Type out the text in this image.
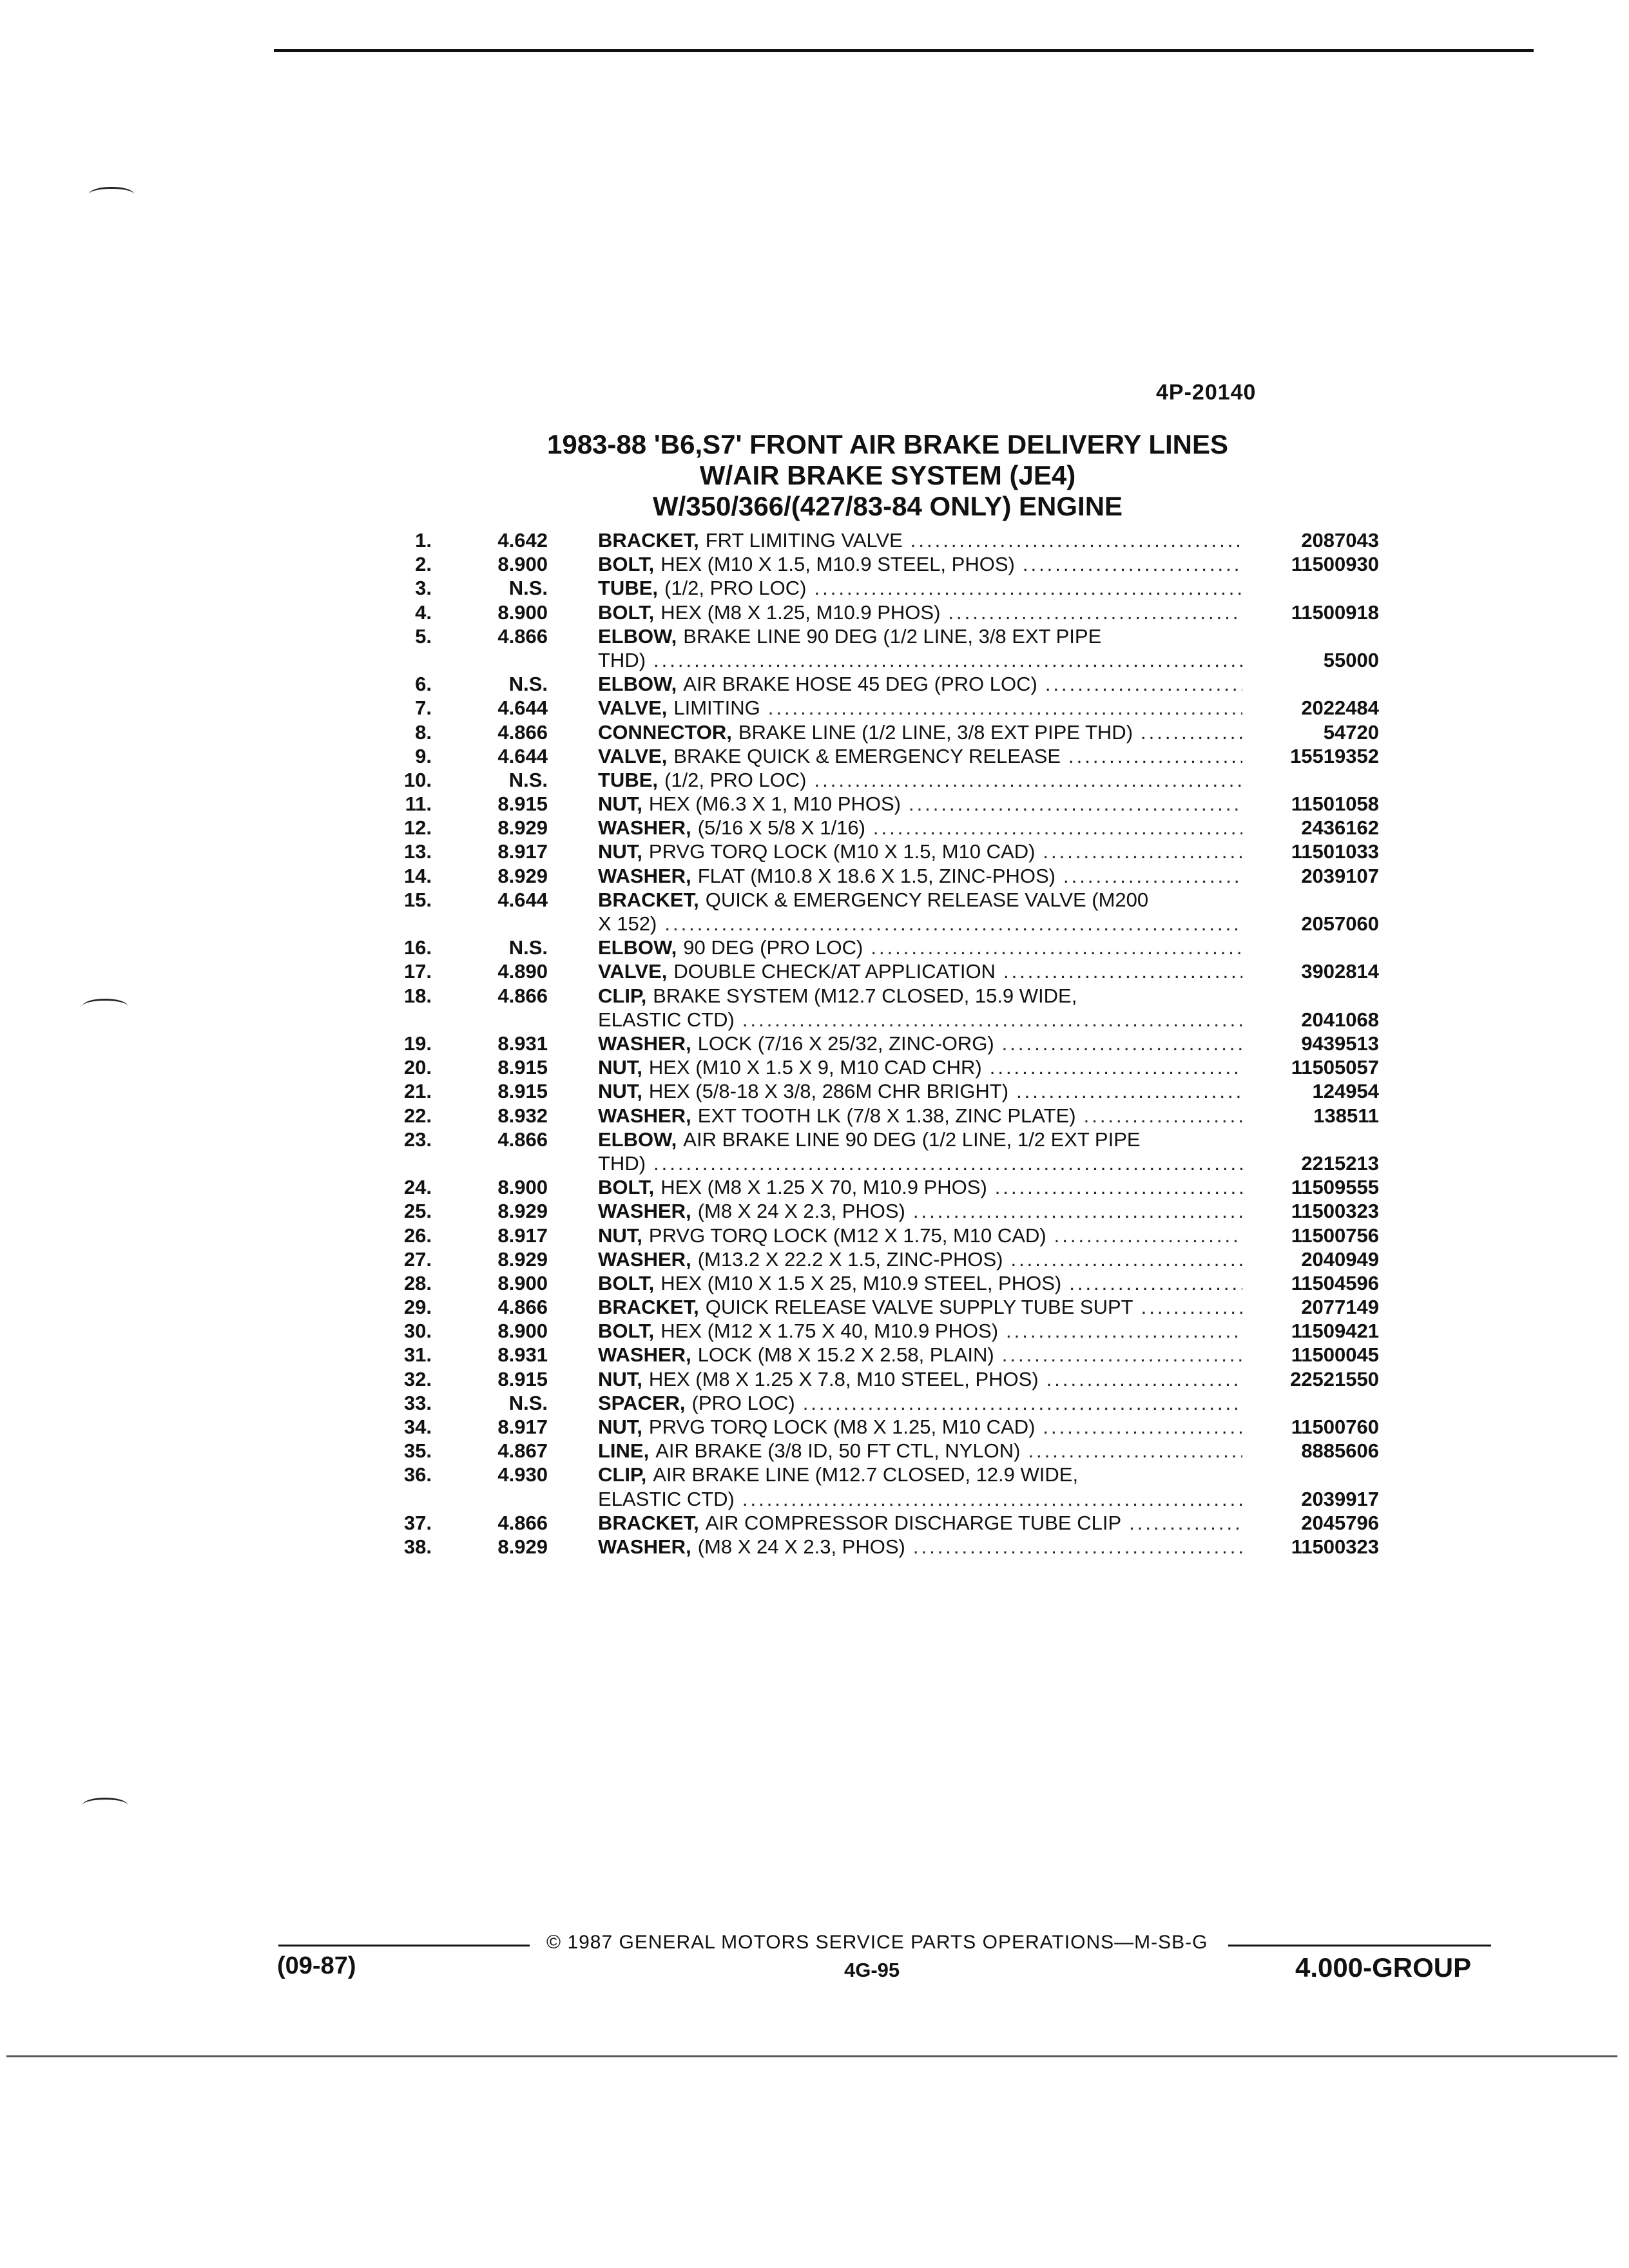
4P-20140
1983-88 'B6,S7' FRONT AIR BRAKE DELIVERY LINES
W/AIR BRAKE SYSTEM (JE4)
W/350/366/(427/83-84 ONLY) ENGINE
1.	4.642	BRACKET, FRT LIMITING VALVE .....	2087043
2.	8.900	BOLT, HEX (M10 X 1.5, M10.9 STEEL, PHOS) .....	11500930
3.	N.S.	TUBE, (1/2, PRO LOC)
.....
4.	8.900	BOLT, HEX (M8 X 1.25, M10.9 PHOS) .....	11500918
5.	4.866	ELBOW, BRAKE LINE 90 DEG (1/2 LINE, 3/8 EXT PIPE
THD) .....	55000
6.	N.S.	ELBOW, AIR BRAKE HOSE 45 DEG (PRO LOC)
.....
7.	4.644	VALVE, LIMITING .....	2022484
8.	4.866	CONNECTOR, BRAKE LINE (1/2 LINE, 3/8 EXT PIPE THD) .....	54720
9.	4.644	VALVE, BRAKE QUICK & EMERGENCY RELEASE .....	15519352
10.	N.S.	TUBE, (1/2, PRO LOC)
.....
11.	8.915	NUT, HEX (M6.3 X 1, M10 PHOS) .....	11501058
12.	8.929	WASHER, (5/16 X 5/8 X 1/16) .....	2436162
13.	8.917	NUT, PRVG TORQ LOCK (M10 X 1.5, M10 CAD) .....	11501033
14.	8.929	WASHER, FLAT (M10.8 X 18.6 X 1.5, ZINC-PHOS) .....	2039107
15.	4.644	BRACKET, QUICK & EMERGENCY RELEASE VALVE (M200
X 152) .....	2057060
16.	N.S.	ELBOW, 90 DEG (PRO LOC)
.....
17.	4.890	VALVE, DOUBLE CHECK/AT APPLICATION .....	3902814
18.	4.866	CLIP, BRAKE SYSTEM (M12.7 CLOSED, 15.9 WIDE,
ELASTIC CTD) .....	2041068
19.	8.931	WASHER, LOCK (7/16 X 25/32, ZINC-ORG) .....	9439513
20.	8.915	NUT, HEX (M10 X 1.5 X 9, M10 CAD CHR) .....	11505057
21.	8.915	NUT, HEX (5/8-18 X 3/8, 286M CHR BRIGHT) .....	124954
22.	8.932	WASHER, EXT TOOTH LK (7/8 X 1.38, ZINC PLATE) .....	138511
23.	4.866	ELBOW, AIR BRAKE LINE 90 DEG (1/2 LINE, 1/2 EXT PIPE
THD) .....	2215213
24.	8.900	BOLT, HEX (M8 X 1.25 X 70, M10.9 PHOS) .....	11509555
25.	8.929	WASHER, (M8 X 24 X 2.3, PHOS) .....	11500323
26.	8.917	NUT, PRVG TORQ LOCK (M12 X 1.75, M10 CAD) .....	11500756
27.	8.929	WASHER, (M13.2 X 22.2 X 1.5, ZINC-PHOS) .....	2040949
28.	8.900	BOLT, HEX (M10 X 1.5 X 25, M10.9 STEEL, PHOS) .....	11504596
29.	4.866	BRACKET, QUICK RELEASE VALVE SUPPLY TUBE SUPT .....	2077149
30.	8.900	BOLT, HEX (M12 X 1.75 X 40, M10.9 PHOS) .....	11509421
31.	8.931	WASHER, LOCK (M8 X 15.2 X 2.58, PLAIN) .....	11500045
32.	8.915	NUT, HEX (M8 X 1.25 X 7.8, M10 STEEL, PHOS) .....	22521550
33.	N.S.	SPACER, (PRO LOC)
.....
34.	8.917	NUT, PRVG TORQ LOCK (M8 X 1.25, M10 CAD) .....	11500760
35.	4.867	LINE, AIR BRAKE (3/8 ID, 50 FT CTL, NYLON) .....	8885606
36.	4.930	CLIP, AIR BRAKE LINE (M12.7 CLOSED, 12.9 WIDE,
ELASTIC CTD) .....	2039917
37.	4.866	BRACKET, AIR COMPRESSOR DISCHARGE TUBE CLIP .....	2045796
38.	8.929	WASHER, (M8 X 24 X 2.3, PHOS) .....	11500323
© 1987 GENERAL MOTORS SERVICE PARTS OPERATIONS—M-SB-G
(09-87)	4G-95	4.000-GROUP
